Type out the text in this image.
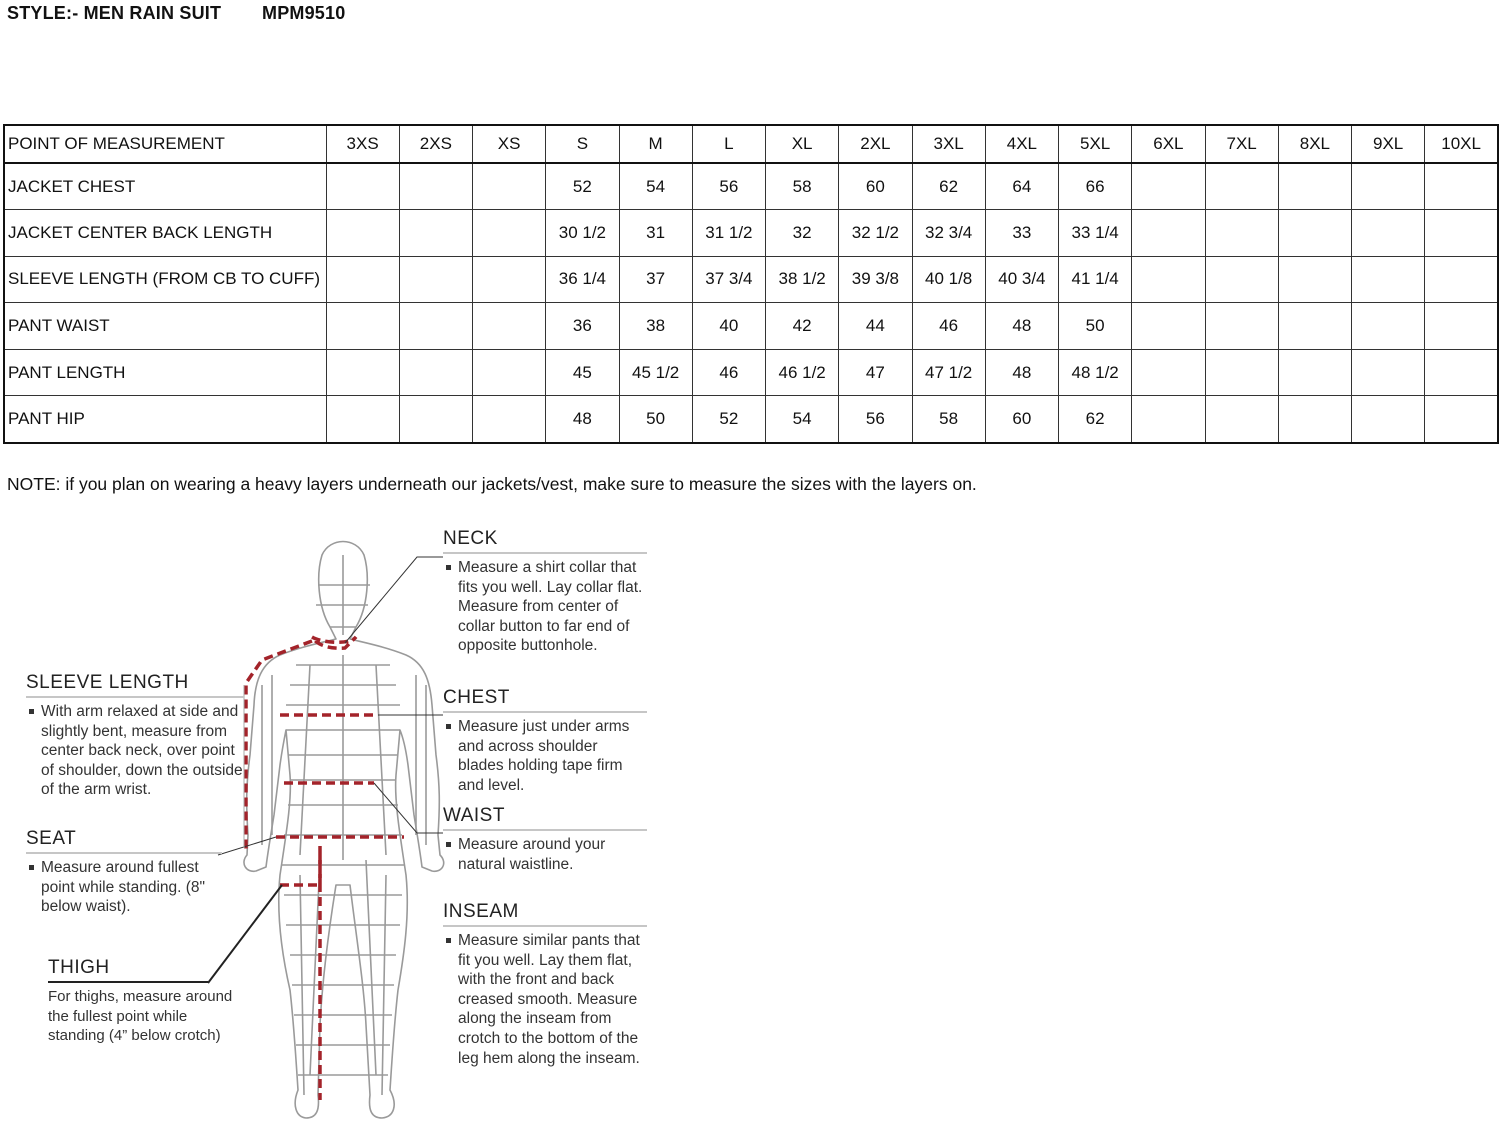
STYLE:- MEN RAIN SUIT MPM9510
POINT OF MEASUREMENT	3XS	2XS	XS	S	M	L	XL	2XL	3XL	4XL	5XL	6XL	7XL	8XL	9XL	10XL
JACKET CHEST				52	54	56	58	60	62	64	66					
JACKET CENTER BACK LENGTH				30 1/2	31	31 1/2	32	32 1/2	32 3/4	33	33 1/4					
SLEEVE LENGTH (FROM CB TO CUFF)				36 1/4	37	37 3/4	38 1/2	39 3/8	40 1/8	40 3/4	41 1/4					
PANT WAIST				36	38	40	42	44	46	48	50					
PANT LENGTH				45	45 1/2	46	46 1/2	47	47 1/2	48	48 1/2					
PANT HIP				48	50	52	54	56	58	60	62					
NOTE: if you plan on wearing a heavy layers underneath our jackets/vest, make sure to measure the sizes with the layers on.
NECK
Measure a shirt collar that fits you well. Lay collar flat. Measure from center of collar button to far end of opposite buttonhole.
CHEST
Measure just under arms and across shoulder blades holding tape firm and level.
WAIST
Measure around your natural waistline.
INSEAM
Measure similar pants that fit you well. Lay them flat, with the front and back creased smooth. Measure along the inseam from crotch to the bottom of the leg hem along the inseam.
SLEEVE LENGTH
With arm relaxed at side and slightly bent, measure from center back neck, over point of shoulder, down the outside of the arm wrist.
SEAT
Measure around fullest point while standing. (8" below waist).
THIGH
For thighs, measure around the fullest point while standing (4” below crotch)
